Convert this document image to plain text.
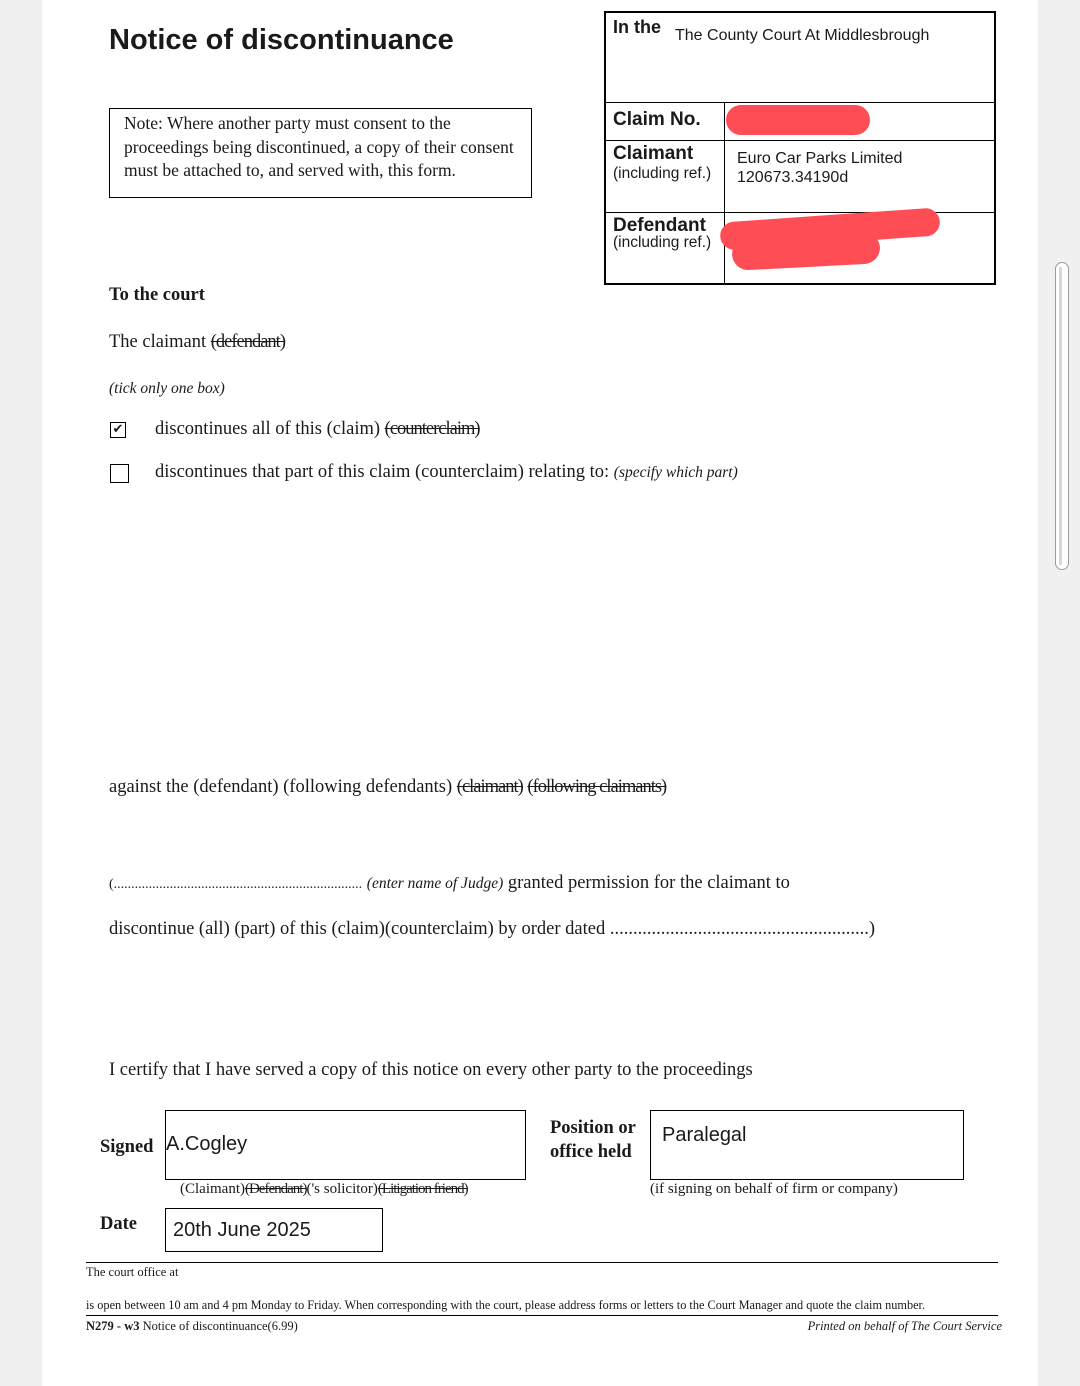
Notice of discontinuance
Note: Where another party must consent to the proceedings being discontinued, a copy of their consent must be attached to, and served with, this form.
In the The County Court At Middlesbrough
Claim No.
Claimant
(including ref.)
Euro Car Parks Limited
120673.34190d
Defendant
(including ref.)
To the court
The claimant (defendant)
(tick only one box)
✔ discontinues all of this (claim) (counterclaim)
discontinues that part of this claim (counterclaim) relating to: (specify which part)
against the (defendant) (following defendants) (claimant) (following claimants)
(....................................................................... (enter name of Judge) granted permission for the claimant to
discontinue (all) (part) of this (claim)(counterclaim) by order dated ........................................................)
I certify that I have served a copy of this notice on every other party to the proceedings
Signed A.Cogley
(Claimant)(Defendant)('s solicitor)(Litigation friend)
Position or
office held
Paralegal
(if signing on behalf of firm or company)
Date	20th June 2025
The court office at
is open between 10 am and 4 pm Monday to Friday. When corresponding with the court, please address forms or letters to the Court Manager and quote the claim number.
N279 - w3 Notice of discontinuance(6.99)	Printed on behalf of The Court Service
